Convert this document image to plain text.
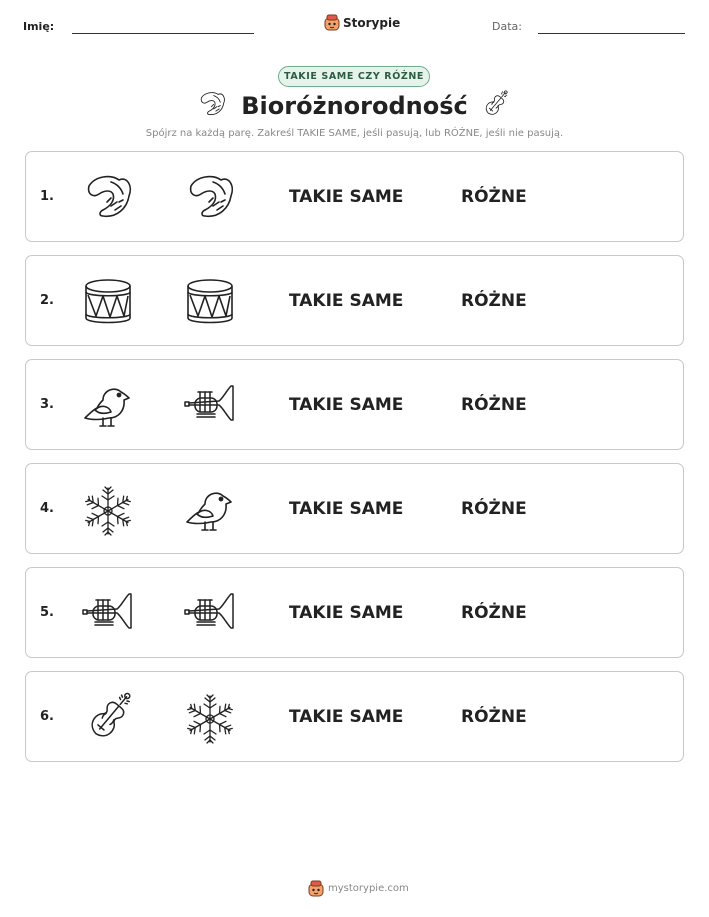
Imię:	Storypie	Data:
TAKIE SAME CZY RÓŻNE
Bioróżnorodność
Spójrz na każdą parę. Zakreśl TAKIE SAME, jeśli pasują, lub RÓŻNE, jeśli nie pasują.
1.	TAKIE SAME	RÓŻNE
2.	TAKIE SAME	RÓŻNE
3.	TAKIE SAME	RÓŻNE
4.	TAKIE SAME	RÓŻNE
5.	TAKIE SAME	RÓŻNE
6.	TAKIE SAME	RÓŻNE
mystorypie.com
